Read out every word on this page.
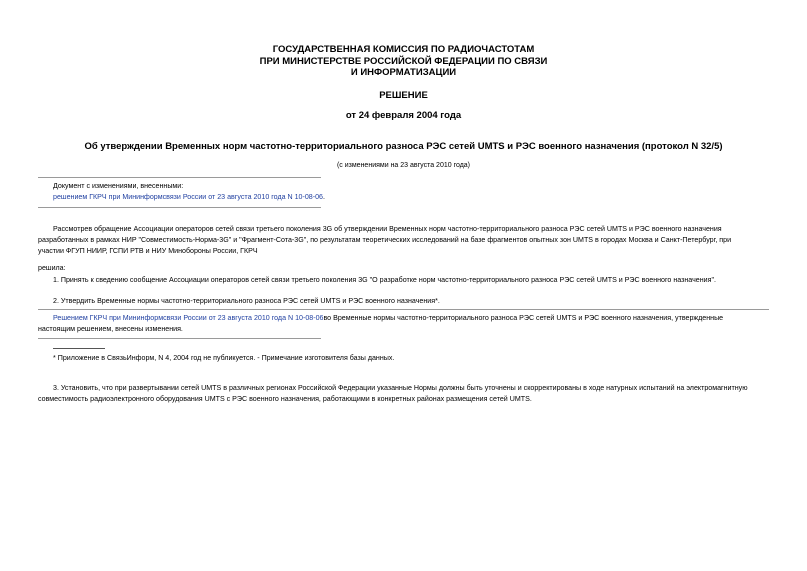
ГОСУДАРСТВЕННАЯ КОМИССИЯ ПО РАДИОЧАСТОТАМ
ПРИ МИНИСТЕРСТВЕ РОССИЙСКОЙ ФЕДЕРАЦИИ ПО СВЯЗИ
И ИНФОРМАТИЗАЦИИ
РЕШЕНИЕ
от 24 февраля 2004 года
Об утверждении Временных норм частотно-территориального разноса РЭС сетей UMTS и РЭС военного назначения (протокол N 32/5)
(с изменениями на 23 августа 2010 года)
Документ с изменениями, внесенными:
решением ГКРЧ при Мининформсвязи России от 23 августа 2010 года N 10-08-06.
Рассмотрев обращение Ассоциации операторов сетей связи третьего поколения 3G об утверждении Временных норм частотно-территориального разноса РЭС сетей UMTS и РЭС военного назначения
разработанных в рамках НИР "Совместимость-Норма-3G" и "Фрагмент-Сота-3G", по результатам теоретических исследований на базе фрагментов опытных зон UMTS в городах Москва и Санкт-Петербург, при
участии ФГУП НИИР, ГСПИ РТВ и НИУ Минобороны России, ГКРЧ
решила:
1. Принять к сведению сообщение Ассоциации операторов сетей связи третьего поколения 3G "О разработке норм частотно-территориального разноса РЭС сетей UMTS и РЭС военного назначения".
2. Утвердить Временные нормы частотно-территориального разноса РЭС сетей UMTS и РЭС военного назначения*.
Решением ГКРЧ при Мининформсвязи России от 23 августа 2010 года N 10-08-06во Временные нормы частотно-территориального разноса РЭС сетей UMTS и РЭС военного назначения, утвержденные
настоящим решением, внесены изменения.
* Приложение в СвязьИнформ, N 4, 2004 год не публикуется. - Примечание изготовителя базы данных.
3. Установить, что при развертывании сетей UMTS в различных регионах Российской Федерации указанные Нормы должны быть уточнены и скорректированы в ходе натурных испытаний на электромагнитную
совместимость радиоэлектронного оборудования UMTS с РЭС военного назначения, работающими в конкретных районах размещения сетей UMTS.
